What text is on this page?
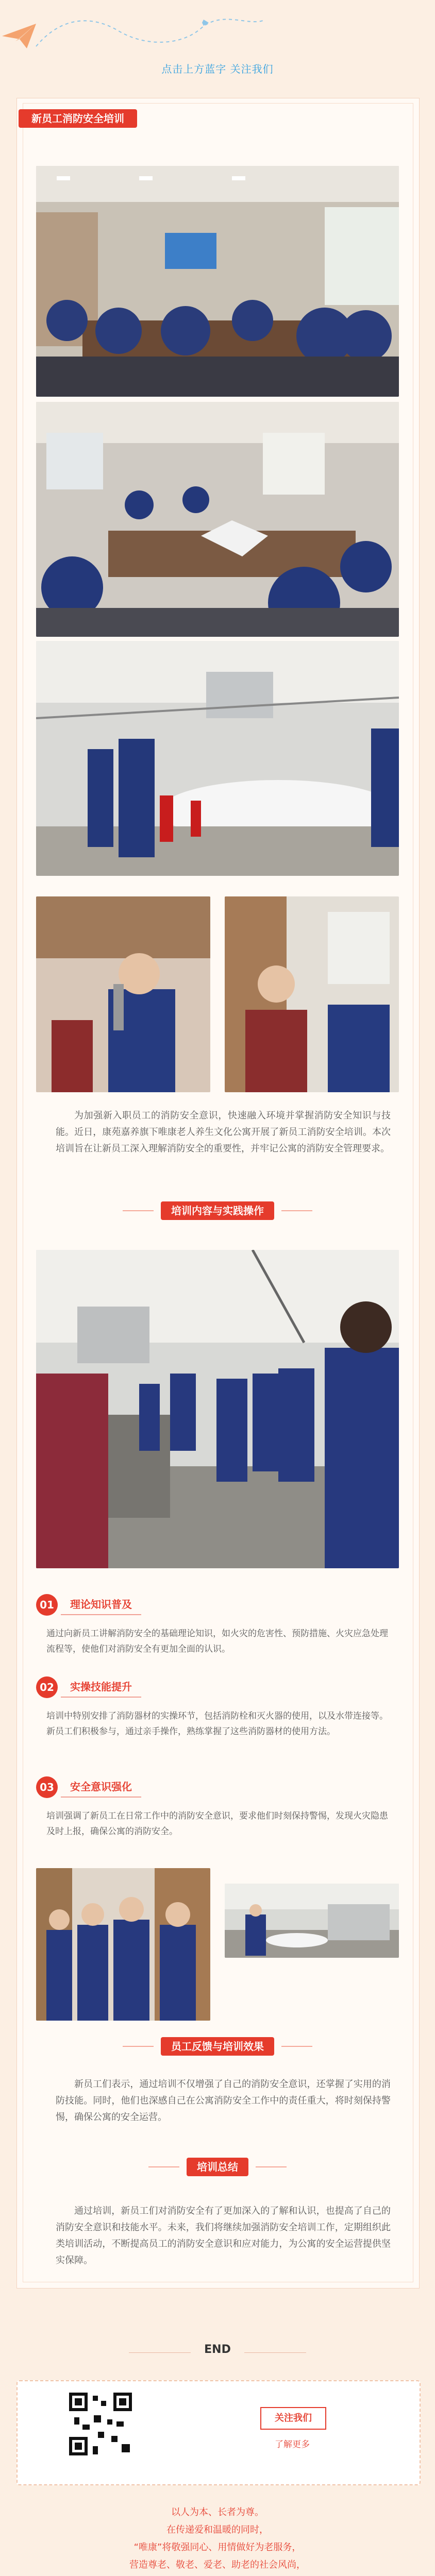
点击上方蓝字 关注我们
新员工消防安全培训
为加强新入职员工的消防安全意识，快速融入环境并掌握消防安全知识与技能。近日，康苑嘉养旗下唯康老人养生文化公寓开展了新员工消防安全培训。本次培训旨在让新员工深入理解消防安全的重要性，并牢记公寓的消防安全管理要求。
培训内容与实践操作
01	理论知识普及
通过向新员工讲解消防安全的基础理论知识，如火灾的危害性、预防措施、火灾应急处理流程等，使他们对消防安全有更加全面的认识。
02	实操技能提升
培训中特别安排了消防器材的实操环节，包括消防栓和灭火器的使用，以及水带连接等。新员工们积极参与，通过亲手操作，熟练掌握了这些消防器材的使用方法。
03	安全意识强化
培训强调了新员工在日常工作中的消防安全意识，要求他们时刻保持警惕，发现火灾隐患及时上报，确保公寓的消防安全。
员工反馈与培训效果
新员工们表示，通过培训不仅增强了自己的消防安全意识，还掌握了实用的消防技能。同时，他们也深感自己在公寓消防安全工作中的责任重大，将时刻保持警惕，确保公寓的安全运营。
培训总结
通过培训，新员工们对消防安全有了更加深入的了解和认识，也提高了自己的消防安全意识和技能水平。未来，我们将继续加强消防安全培训工作，定期组织此类培训活动，不断提高员工的消防安全意识和应对能力，为公寓的安全运营提供坚实保障。
END
关注我们
了解更多
以人为本、长者为尊。
在传递爱和温暖的同时，
“唯康”将敬强同心、用情做好为老服务，
营造尊老、敬老、爱老、助老的社会风尚，
